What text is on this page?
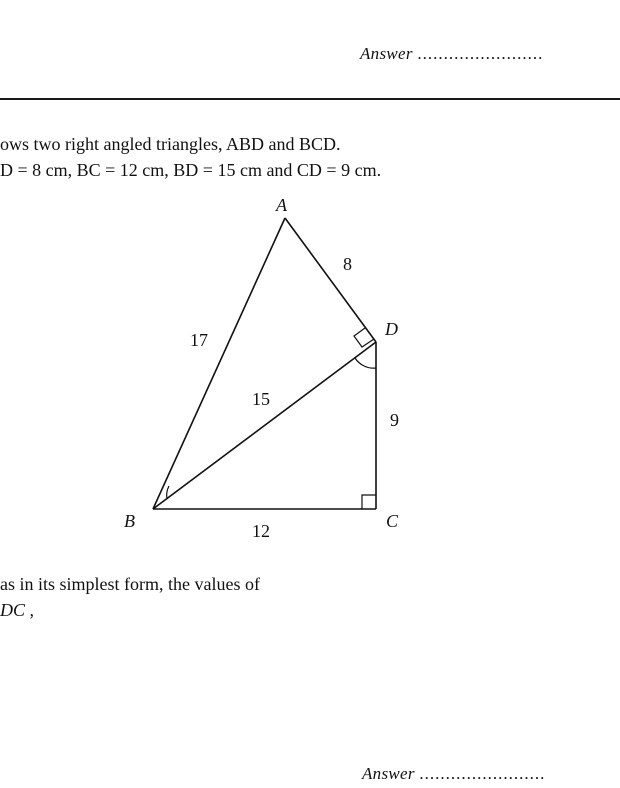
Answer ........................
ows two right angled triangles, ABD and BCD.
D = 8 cm, BC = 12 cm, BD = 15 cm and CD = 9 cm.
A
B	C
D
8
17
15
9
12
as in its simplest form, the values of
DC ,
Answer ........................
